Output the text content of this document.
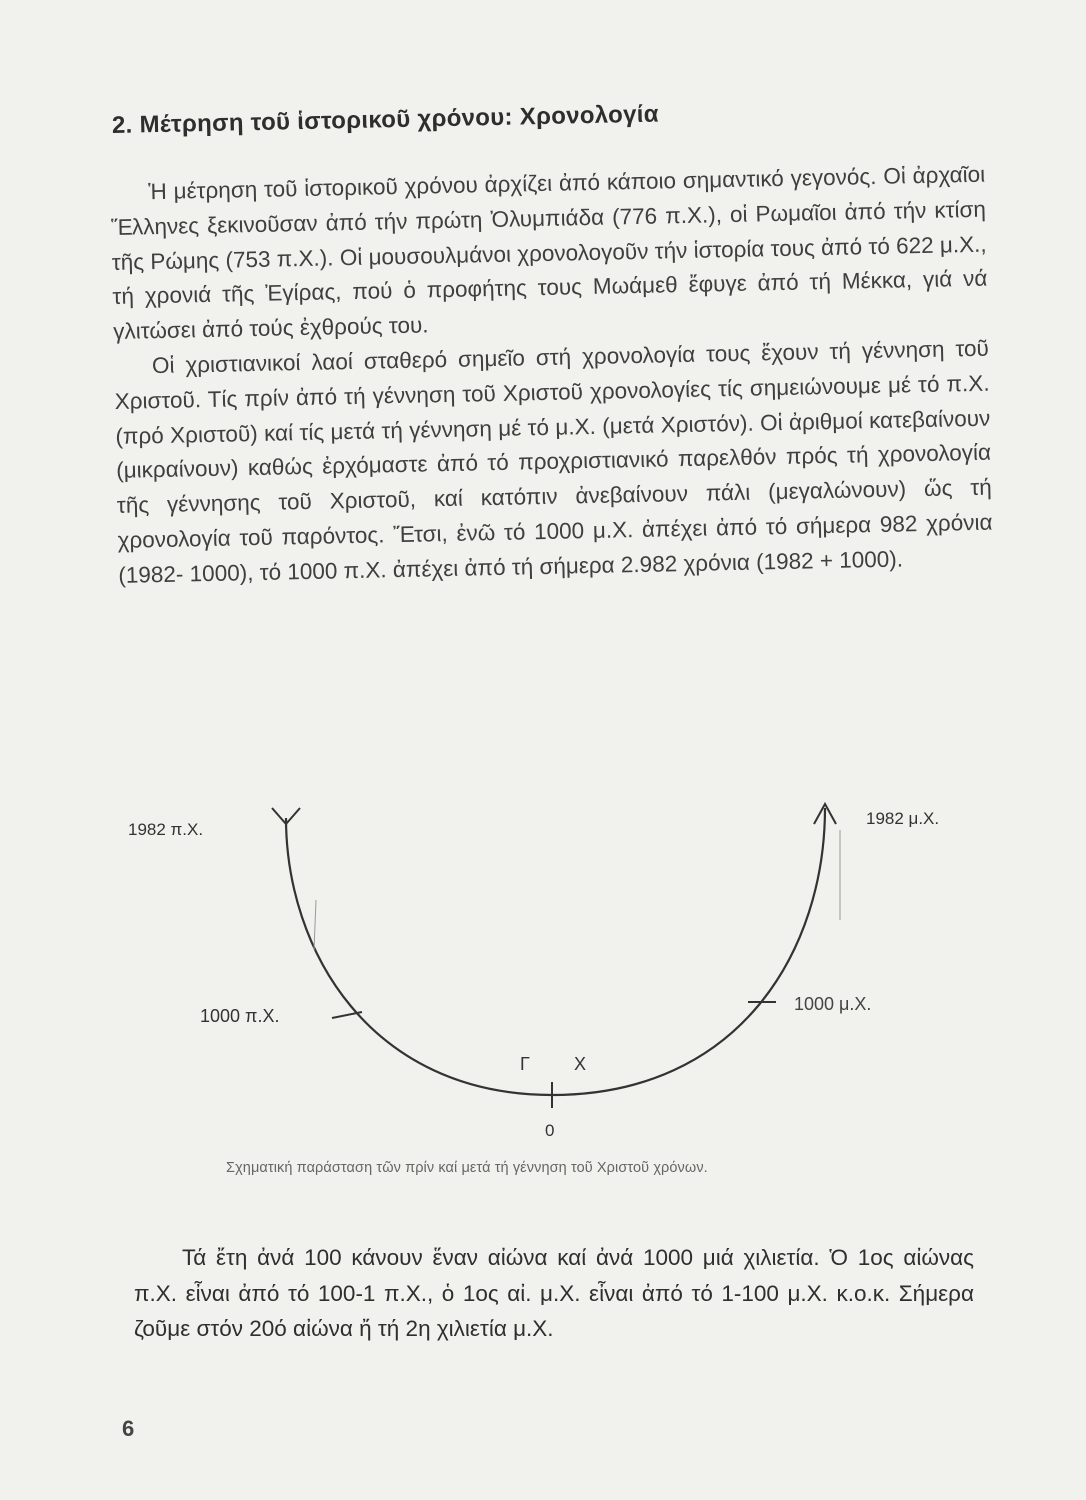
2. Μέτρηση τοῦ ἱστορικοῦ χρόνου: Χρονολογία

Ἡ μέτρηση τοῦ ἱστορικοῦ χρόνου ἀρχίζει ἀπό κάποιο σημαντικό γεγονός. Οἱ ἀρχαῖοι Ἕλληνες ξεκινοῦσαν ἀπό τήν πρώτη Ὀλυμπιάδα (776 π.Χ.), οἱ Ρωμαῖοι ἀπό τήν κτίση τῆς Ρώμης (753 π.Χ.). Οἱ μουσουλμάνοι χρονολογοῦν τήν ἱστορία τους ἀπό τό 622 μ.Χ., τή χρονιά τῆς Ἐγίρας, πού ὁ προφήτης τους Μωάμεθ ἔφυγε ἀπό τή Μέκκα, γιά νά γλιτώσει ἀπό τούς ἐχθρούς του.

Οἱ χριστιανικοί λαοί σταθερό σημεῖο στή χρονολογία τους ἔχουν τή γέννηση τοῦ Χριστοῦ. Τίς πρίν ἀπό τή γέννηση τοῦ Χριστοῦ χρονολογίες τίς σημειώνουμε μέ τό π.Χ. (πρό Χριστοῦ) καί τίς μετά τή γέννηση μέ τό μ.Χ. (μετά Χριστόν). Οἱ ἀριθμοί κατεβαίνουν (μικραίνουν) καθώς ἐρχόμαστε ἀπό τό προχριστιανικό παρελθόν πρός τή χρονολογία τῆς γέννησης τοῦ Χριστοῦ, καί κατόπιν ἀνεβαίνουν πάλι (μεγαλώνουν) ὥς τή χρονολογία τοῦ παρόντος. Ἔτσι, ἐνῶ τό 1000 μ.Χ. ἀπέχει ἀπό τό σήμερα 982 χρόνια (1982- 1000), τό 1000 π.Χ. ἀπέχει ἀπό τή σήμερα 2.982 χρόνια (1982 + 1000).

1982 π.Χ.
1982 μ.Χ.
1000 π.Χ.
1000 μ.Χ.
Γ Χ
0
Σχηματική παράσταση τῶν πρίν καί μετά τή γέννηση τοῦ Χριστοῦ χρόνων.

Τά ἔτη ἀνά 100 κάνουν ἕναν αἰώνα καί ἀνά 1000 μιά χιλιετία. Ὁ 1ος αἰώνας π.Χ. εἶναι ἀπό τό 100-1 π.Χ., ὁ 1ος αἰ. μ.Χ. εἶναι ἀπό τό 1-100 μ.Χ. κ.ο.κ. Σήμερα ζοῦμε στόν 20ό αἰώνα ἤ τή 2η χιλιετία μ.Χ.

6
